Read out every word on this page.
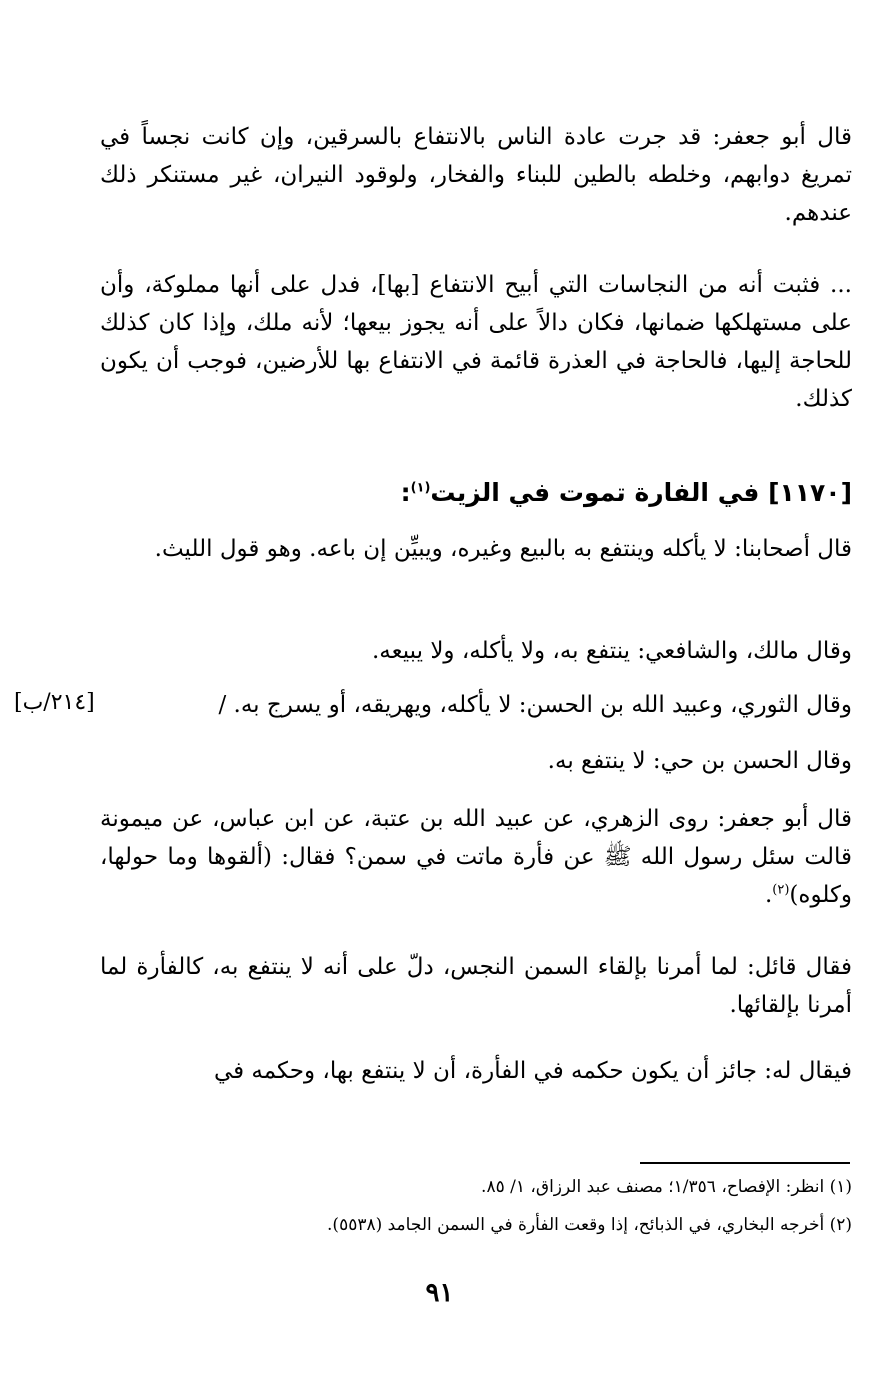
قال أبو جعفر: قد جرت عادة الناس بالانتفاع بالسرقين، وإن كانت نجساً في تمريغ دوابهم، وخلطه بالطين للبناء والفخار، ولوقود النيران، غير مستنكر ذلك عندهم.

... فثبت أنه من النجاسات التي أبيح الانتفاع [بها]، فدل على أنها مملوكة، وأن على مستهلكها ضمانها، فكان دالاً على أنه يجوز بيعها؛ لأنه ملك، وإذا كان كذلك للحاجة إليها، فالحاجة في العذرة قائمة في الانتفاع بها للأرضين، فوجب أن يكون كذلك.

[١١٧٠] في الفارة تموت في الزيت$^{(١)}$:

قال أصحابنا: لا يأكله وينتفع به بالبيع وغيره، ويبيِّن إن باعه. وهو قول الليث.

وقال مالك، والشافعي: ينتفع به، ولا يأكله، ولا يبيعه.

وقال الثوري، وعبيد الله بن الحسن: لا يأكله، ويهريقه، أو يسرج به. /

[٢١٤/ب]

وقال الحسن بن حي: لا ينتفع به.

قال أبو جعفر: روى الزهري، عن عبيد الله بن عتبة، عن ابن عباس، عن ميمونة قالت سئل رسول الله ﷺ عن فأرة ماتت في سمن؟ فقال: (ألقوها وما حولها، وكلوه)$^{(٢)}$.

فقال قائل: لما أمرنا بإلقاء السمن النجس، دلّ على أنه لا ينتفع به، كالفأرة لما أمرنا بإلقائها.

فيقال له: جائز أن يكون حكمه في الفأرة، أن لا ينتفع بها، وحكمه في

(١) انظر: الإفصاح، ١/٣٥٦؛ مصنف عبد الرزاق، ١/ ٨٥.

(٢) أخرجه البخاري، في الذبائح، إذا وقعت الفأرة في السمن الجامد (٥٥٣٨).

٩١
